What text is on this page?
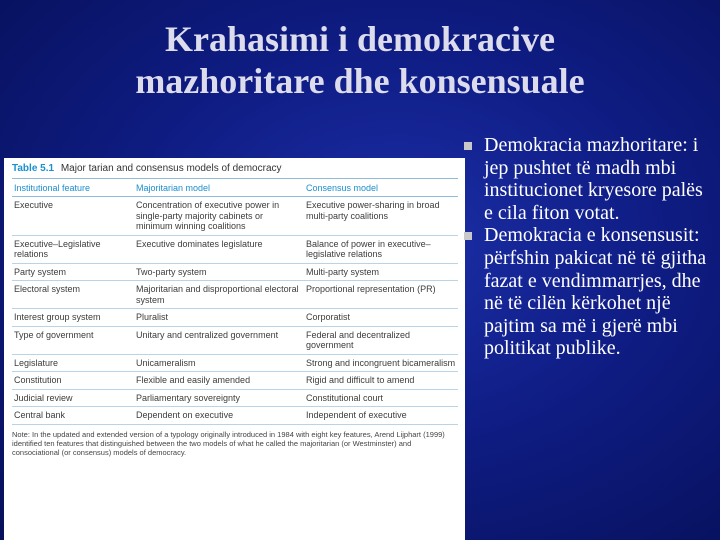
Krahasimi i demokracive
mazhoritare dhe konsensuale
Table 5.1 Major tarian and consensus models of democracy
Institutional feature	Majoritarian model	Consensus model
Executive	Concentration of executive power in single-party majority cabinets or minimum winning coalitions	Executive power-sharing in broad multi-party coalitions
Executive–Legislative relations	Executive dominates legislature	Balance of power in executive–legislative relations
Party system	Two-party system	Multi-party system
Electoral system	Majoritarian and disproportional electoral system	Proportional representation (PR)
Interest group system	Pluralist	Corporatist
Type of government	Unitary and centralized government	Federal and decentralized government
Legislature	Unicameralism	Strong and incongruent bicameralism
Constitution	Flexible and easily amended	Rigid and difficult to amend
Judicial review	Parliamentary sovereignty	Constitutional court
Central bank	Dependent on executive	Independent of executive
Note: In the updated and extended version of a typology originally introduced in 1984 with eight key features, Arend Lijphart (1999) identified ten features that distinguished between the two models of what he called the majoritarian (or Westminster) and consociational (or consensus) models of democracy.
Demokracia mazhoritare: i jep pushtet të madh mbi institucionet kryesore palës e cila fiton votat.
Demokracia e konsensusit: përfshin pakicat në të gjitha fazat e vendimmarrjes, dhe në të cilën kërkohet një pajtim sa më i gjerë mbi politikat publike.
